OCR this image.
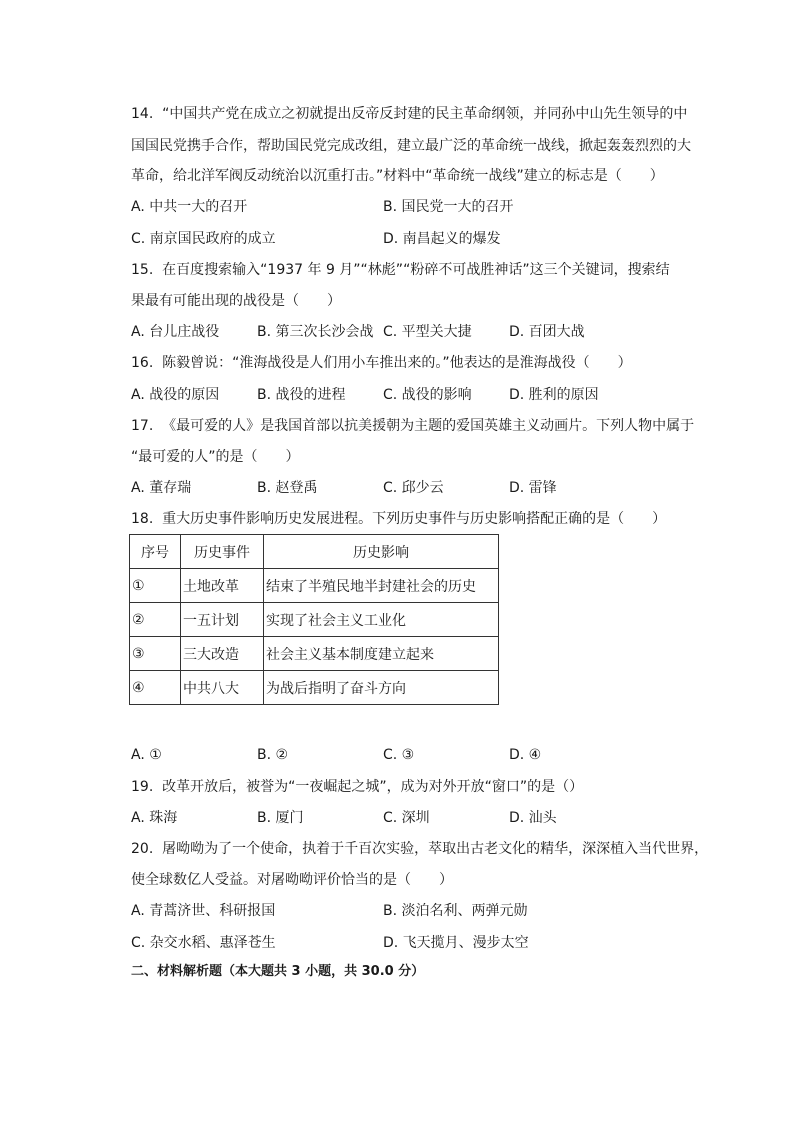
14.  “中国共产党在成立之初就提出反帝反封建的民主革命纲领，并同孙中山先生领导的中
国国民党携手合作，帮助国民党完成改组，建立最广泛的革命统一战线，掀起轰轰烈烈的大
革命，给北洋军阀反动统治以沉重打击。”材料中“革命统一战线”建立的标志是（　　）
A. 中共一大的召开	B. 国民党一大的召开
C. 南京国民政府的成立	D. 南昌起义的爆发
15.  在百度搜索输入“1937 年 9 月”“林彪”“粉碎不可战胜神话”这三个关键词，搜索结
果最有可能出现的战役是（　　）
A. 台儿庄战役	B. 第三次长沙会战 C. 平型关大捷	D. 百团大战
16.  陈毅曾说：“淮海战役是人们用小车推出来的。”他表达的是淮海战役（　　）
A. 战役的原因	B. 战役的进程	C. 战役的影响	D. 胜利的原因
17.  《最可爱的人》是我国首部以抗美援朝为主题的爱国英雄主义动画片。下列人物中属于
“最可爱的人”的是（　　）
A. 董存瑞	B. 赵登禹	C. 邱少云	D. 雷锋
18.  重大历史事件影响历史发展进程。下列历史事件与历史影响搭配正确的是（　　）
序号	历史事件	历史影响
①	土地改革	结束了半殖民地半封建社会的历史
②	一五计划	实现了社会主义工业化
③	三大改造	社会主义基本制度建立起来
④	中共八大	为战后指明了奋斗方向
A. ①	B. ②	C. ③	D. ④
19.  改革开放后，被誉为“一夜崛起之城”，成为对外开放“窗口”的是（）
A. 珠海	B. 厦门	C. 深圳	D. 汕头
20.  屠呦呦为了一个使命，执着于千百次实验，萃取出古老文化的精华，深深植入当代世界，
使全球数亿人受益。对屠呦呦评价恰当的是（　　）
A. 青蒿济世、科研报国	B. 淡泊名利、两弹元勋
C. 杂交水稻、惠泽苍生	D. 飞天揽月、漫步太空
二、材料解析题（本大题共 3 小题，共 30.0 分）
